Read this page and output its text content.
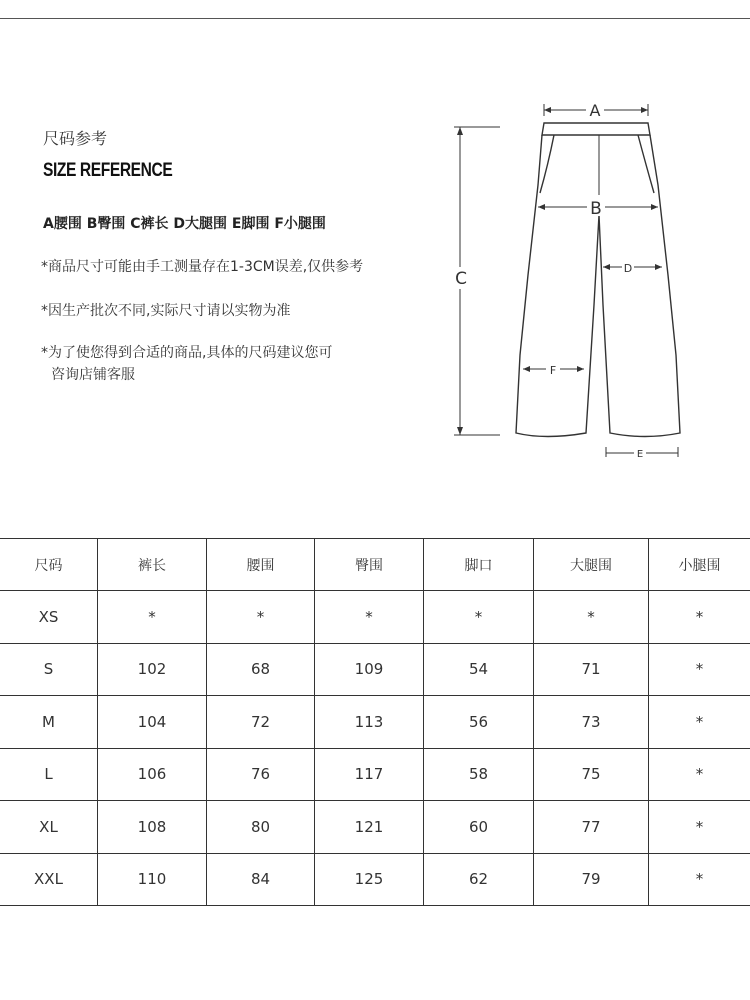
尺码参考
SIZE REFERENCE
A腰围 B臀围 C裤长 D大腿围 E脚围 F小腿围
*商品尺寸可能由手工测量存在1-3CM误差,仅供参考
*因生产批次不同,实际尺寸请以实物为准
*为了使您得到合适的商品,具体的尺码建议您可
咨询店铺客服
A
B
C
D
E
F
尺码	裤长	腰围	臀围	脚口	大腿围	小腿围
XS	*	*	*	*	*	*
S	102	68	109	54	71	*
M	104	72	113	56	73	*
L	106	76	117	58	75	*
XL	108	80	121	60	77	*
XXL	110	84	125	62	79	*
